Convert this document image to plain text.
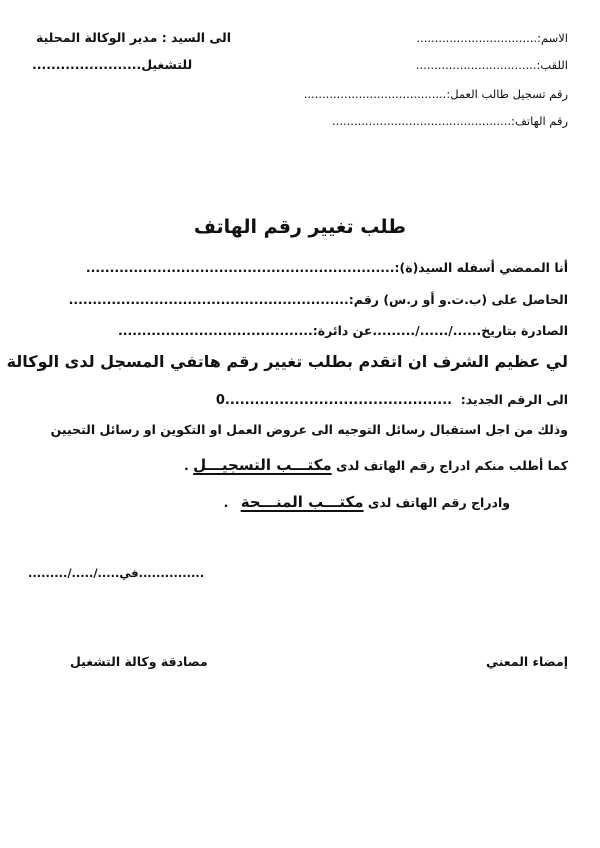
الى السيد : مدير الوكالة المحلية
للتشغيل.......................
الاسم:.................................
اللقب:.................................
رقم تسجيل طالب العمل:.......................................
رقم الهاتف:.................................................
طلب تغيير رقم الهاتف
أنا الممضي أسفله السيد(ة):.................................................................
الحاصل على (ب.ت.و أو ر.س) رقم:...........................................................
الصادرة بتاريخ....../....../.........عن دائرة:.........................................
لي عظيم الشرف ان اتقدم بطلب تغيير رقم هاتفي المسجل لدى الوكالة
الى الرقم الجديد:  ..............................................0
وذلك من اجل استقبال رسائل التوجيه الى عروض العمل او التكوين او رسائل التحيين
كما أطلب منكم ادراج رقم الهاتف لدى مكتـــب التسجيـــل .
وادراج رقم الهاتف لدى مكتـــب المنـــحة .
...............في...../...../.........
إمضاء المعني
مصادقة وكالة التشغيل
